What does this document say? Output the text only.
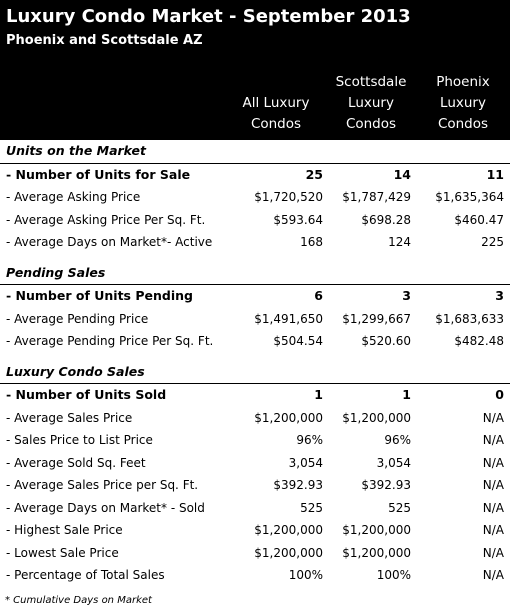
Luxury Condo Market - September 2013
Phoenix and Scottsdale AZ
All Luxury
Condos
Scottsdale
Luxury
Condos
Phoenix
Luxury
Condos
Units on the Market
- Number of Units for Sale	25	14	11
- Average Asking Price	$1,720,520 $1,787,429 $1,635,364
- Average Asking Price Per Sq. Ft.	$593.64	$698.28	$460.47
- Average Days on Market*- Active	168	124	225
Pending Sales
- Number of Units Pending	6	3	3
- Average Pending Price	$1,491,650 $1,299,667 $1,683,633
- Average Pending Price Per Sq. Ft.	$504.54	$520.60	$482.48
Luxury Condo Sales
- Number of Units Sold	1	1	0
- Average Sales Price	$1,200,000 $1,200,000	N/A
- Sales Price to List Price	96%	96%	N/A
- Average Sold Sq. Feet	3,054	3,054	N/A
- Average Sales Price per Sq. Ft.	$392.93	$392.93	N/A
- Average Days on Market* - Sold	525	525	N/A
- Highest Sale Price	$1,200,000 $1,200,000	N/A
- Lowest Sale Price	$1,200,000 $1,200,000	N/A
- Percentage of Total Sales	100%	100%	N/A
* Cumulative Days on Market
